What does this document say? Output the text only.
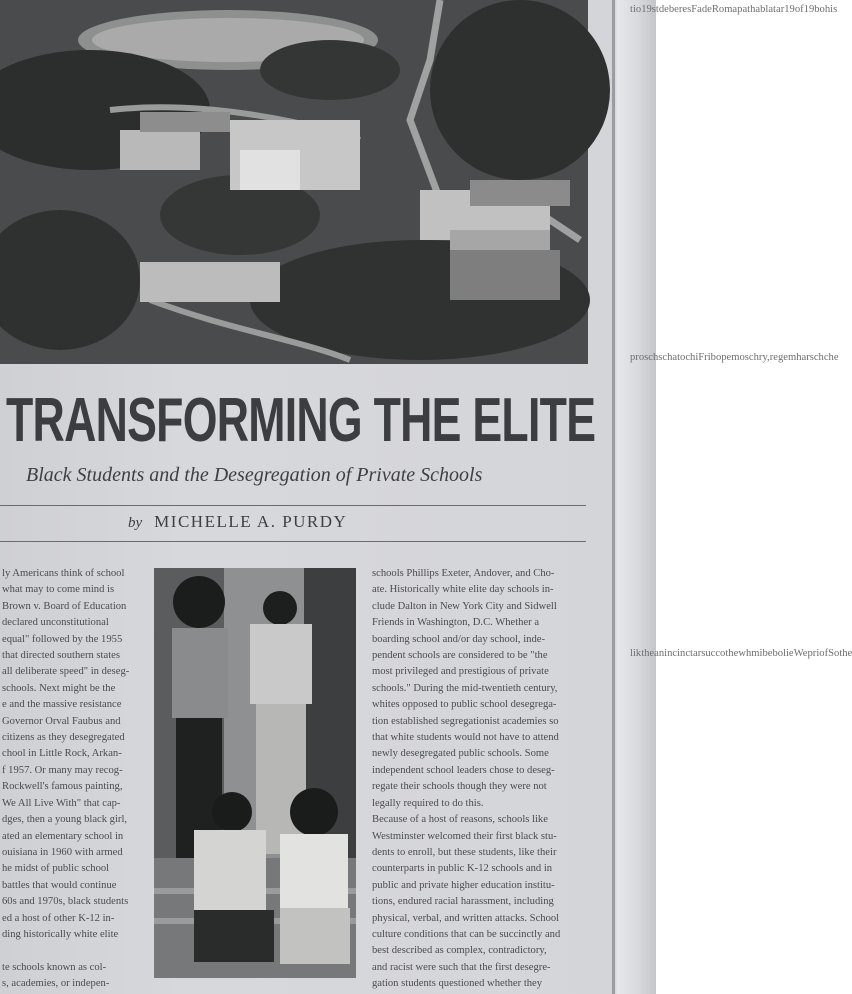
TRANSFORMING THE ELITE
Black Students and the Desegregation of Private Schools
by MICHELLE A. PURDY
ly Americans think of school
what may to come mind is
Brown v. Board of Education
declared unconstitutional
equal" followed by the 1955
that directed southern states
all deliberate speed" in deseg-
schools. Next might be the
e and the massive resistance
Governor Orval Faubus and
citizens as they desegregated
chool in Little Rock, Arkan-
f 1957. Or many may recog-
Rockwell's famous painting,
We All Live With" that cap-
dges, then a young black girl,
ated an elementary school in
ouisiana in 1960 with armed
he midst of public school
battles that would continue
60s and 1970s, black students
ed a host of other K-12 in-
ding historically white elite

te schools known as col-
s, academies, or indepen-
schools Phillips Exeter, Andover, and Cho-
ate. Historically white elite day schools in-
clude Dalton in New York City and Sidwell
Friends in Washington, D.C. Whether a
boarding school and/or day school, inde-
pendent schools are considered to be "the
most privileged and prestigious of private
schools." During the mid-twentieth century,
whites opposed to public school desegrega-
tion established segregationist academies so
that white students would not have to attend
newly desegregated public schools. Some
independent school leaders chose to deseg-
regate their schools though they were not
legally required to do this.
Because of a host of reasons, schools like
Westminster welcomed their first black stu-
dents to enroll, but these students, like their
counterparts in public K-12 schools and in
public and private higher education institu-
tions, endured racial harassment, including
physical, verbal, and written attacks. School
culture conditions that can be succinctly and
best described as complex, contradictory,
and racist were such that the first desegre-
gation students questioned whether they
tio19stdeberesFadeRomapathablatar19of19bohis
proschschatochiFribopemoschry,regemharschche
liktheanincinctarsuccothewhmibebolieWepriofSothe
